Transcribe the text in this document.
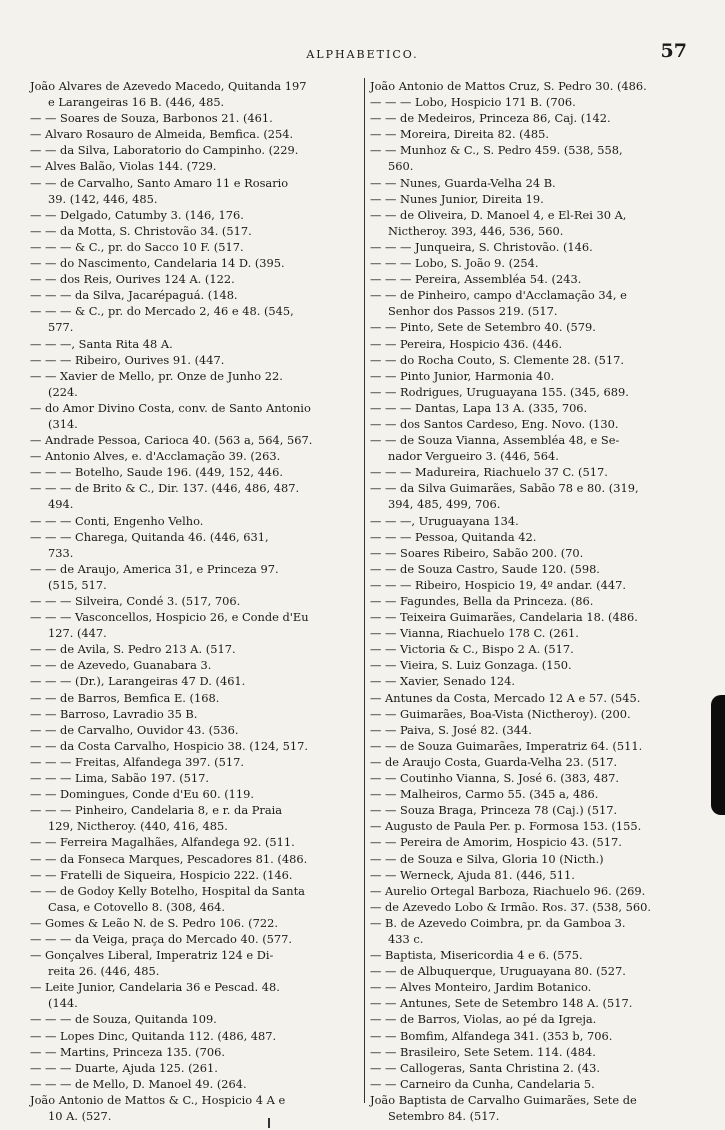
ALPHABETICO.	57
João Alvares de Azevedo Macedo, Quitanda 197
e Larangeiras 16 B. (446, 485.
— — Soares de Souza, Barbonos 21. (461.
— Alvaro Rosauro de Almeida, Bemfica. (254.
— — da Silva, Laboratorio do Campinho. (229.
— Alves Balão, Violas 144. (729.
— — de Carvalho, Santo Amaro 11 e Rosario
39. (142, 446, 485.
— — Delgado, Catumby 3. (146, 176.
— — da Motta, S. Christovão 34. (517.
— — — & C., pr. do Sacco 10 F. (517.
— — do Nascimento, Candelaria 14 D. (395.
— — dos Reis, Ourives 124 A. (122.
— — — da Silva, Jacarépaguá. (148.
— — — & C., pr. do Mercado 2, 46 e 48. (545,
577.
— — —, Santa Rita 48 A.
— — — Ribeiro, Ourives 91. (447.
— — Xavier de Mello, pr. Onze de Junho 22.
(224.
— do Amor Divino Costa, conv. de Santo Antonio
(314.
— Andrade Pessoa, Carioca 40. (563 a, 564, 567.
— Antonio Alves, e. d'Acclamação 39. (263.
— — — Botelho, Saude 196. (449, 152, 446.
— — — de Brito & C., Dir. 137. (446, 486, 487.
494.
— — — Conti, Engenho Velho.
— — — Charega, Quitanda 46. (446, 631,
733.
— — de Araujo, America 31, e Princeza 97.
(515, 517.
— — — Silveira, Condé 3. (517, 706.
— — — Vasconcellos, Hospicio 26, e Conde d'Eu
127. (447.
— — de Avila, S. Pedro 213 A. (517.
— — de Azevedo, Guanabara 3.
— — — (Dr.), Larangeiras 47 D. (461.
— — de Barros, Bemfica E. (168.
— — Barroso, Lavradio 35 B.
— — de Carvalho, Ouvidor 43. (536.
— — da Costa Carvalho, Hospicio 38. (124, 517.
— — — Freitas, Alfandega 397. (517.
— — — Lima, Sabão 197. (517.
— — Domingues, Conde d'Eu 60. (119.
— — — Pinheiro, Candelaria 8, e r. da Praia
129, Nictheroy. (440, 416, 485.
— — Ferreira Magalhães, Alfandega 92. (511.
— — da Fonseca Marques, Pescadores 81. (486.
— — Fratelli de Siqueira, Hospicio 222. (146.
— — de Godoy Kelly Botelho, Hospital da Santa
Casa, e Cotovello 8. (308, 464.
— Gomes & Leão N. de S. Pedro 106. (722.
— — — da Veiga, praça do Mercado 40. (577.
— Gonçalves Liberal, Imperatriz 124 e Di-
reita 26. (446, 485.
— Leite Junior, Candelaria 36 e Pescad. 48.
(144.
— — — de Souza, Quitanda 109.
— — Lopes Dinc, Quitanda 112. (486, 487.
— — Martins, Princeza 135. (706.
— — — Duarte, Ajuda 125. (261.
— — — de Mello, D. Manoel 49. (264.
João Antonio de Mattos & C., Hospicio 4 A e
10 A. (527.
João Antonio de Mattos Cruz, S. Pedro 30. (486.
— — — Lobo, Hospicio 171 B. (706.
— — de Medeiros, Princeza 86, Caj. (142.
— — Moreira, Direita 82. (485.
— — Munhoz & C., S. Pedro 459. (538, 558,
560.
— — Nunes, Guarda-Velha 24 B.
— — Nunes Junior, Direita 19.
— — de Oliveira, D. Manoel 4, e El-Rei 30 A,
Nictheroy. 393, 446, 536, 560.
— — — Junqueira, S. Christovão. (146.
— — — Lobo, S. João 9. (254.
— — — Pereira, Assembléa 54. (243.
— — de Pinheiro, campo d'Acclamação 34, e
Senhor dos Passos 219. (517.
— — Pinto, Sete de Setembro 40. (579.
— — Pereira, Hospicio 436. (446.
— — do Rocha Couto, S. Clemente 28. (517.
— — Pinto Junior, Harmonia 40.
— — Rodrigues, Uruguayana 155. (345, 689.
— — — Dantas, Lapa 13 A. (335, 706.
— — dos Santos Cardeso, Eng. Novo. (130.
— — de Souza Vianna, Assembléa 48, e Se-
nador Vergueiro 3. (446, 564.
— — — Madureira, Riachuelo 37 C. (517.
— — da Silva Guimarães, Sabão 78 e 80. (319,
394, 485, 499, 706.
— — —, Uruguayana 134.
— — — Pessoa, Quitanda 42.
— — Soares Ribeiro, Sabão 200. (70.
— — de Souza Castro, Saude 120. (598.
— — — Ribeiro, Hospicio 19, 4º andar. (447.
— — Fagundes, Bella da Princeza. (86.
— — Teixeira Guimarães, Candelaria 18. (486.
— — Vianna, Riachuelo 178 C. (261.
— — Victoria & C., Bispo 2 A. (517.
— — Vieira, S. Luiz Gonzaga. (150.
— — Xavier, Senado 124.
— Antunes da Costa, Mercado 12 A e 57. (545.
— — Guimarães, Boa-Vista (Nictheroy). (200.
— — Paiva, S. José 82. (344.
— — de Souza Guimarães, Imperatriz 64. (511.
— de Araujo Costa, Guarda-Velha 23. (517.
— — Coutinho Vianna, S. José 6. (383, 487.
— — Malheiros, Carmo 55. (345 a, 486.
— — Souza Braga, Princeza 78 (Caj.) (517.
— Augusto de Paula Per. p. Formosa 153. (155.
— — Pereira de Amorim, Hospicio 43. (517.
— — de Souza e Silva, Gloria 10 (Nicth.)
— — Werneck, Ajuda 81. (446, 511.
— Aurelio Ortegal Barboza, Riachuelo 96. (269.
— de Azevedo Lobo & Irmão. Ros. 37. (538, 560.
— B. de Azevedo Coimbra, pr. da Gamboa 3.
433 c.
— Baptista, Misericordia 4 e 6. (575.
— — de Albuquerque, Uruguayana 80. (527.
— — Alves Monteiro, Jardim Botanico.
— — Antunes, Sete de Setembro 148 A. (517.
— — de Barros, Violas, ao pé da Igreja.
— — Bomfim, Alfandega 341. (353 b, 706.
— — Brasileiro, Sete Setem. 114. (484.
— — Callogeras, Santa Christina 2. (43.
— — Carneiro da Cunha, Candelaria 5.
João Baptista de Carvalho Guimarães, Sete de
Setembro 84. (517.
